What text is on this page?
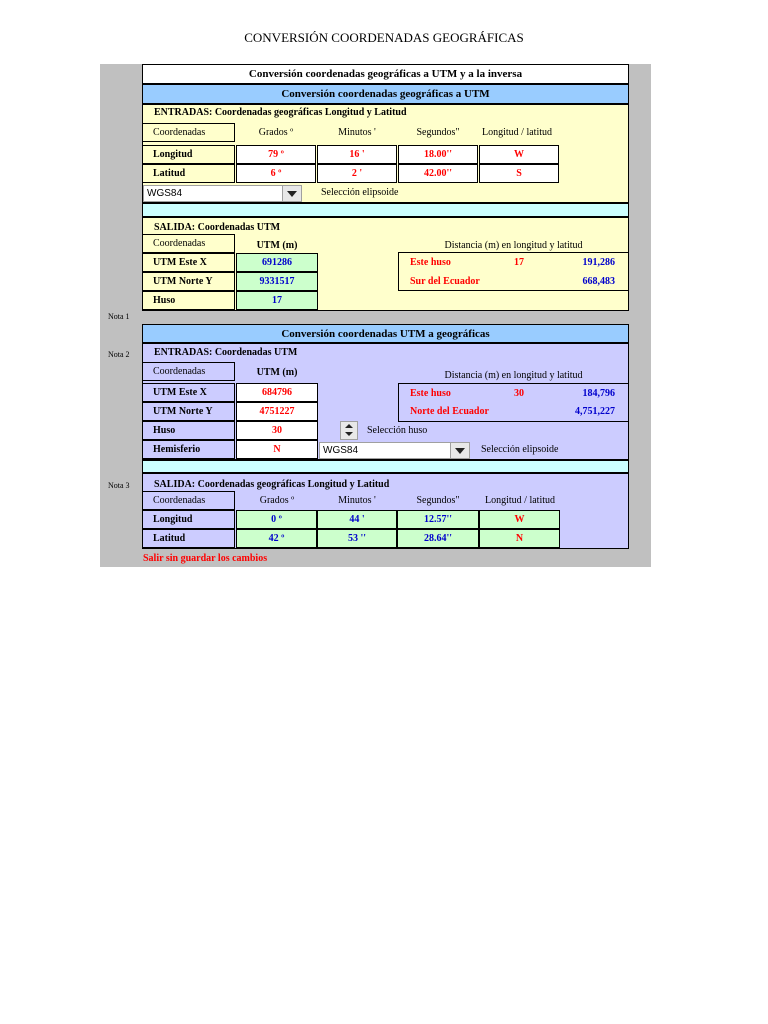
CONVERSIÓN COORDENADAS GEOGRÁFICAS
Conversión coordenadas geográficas a UTM y a la inversa
Conversión coordenadas geográficas a UTM
ENTRADAS: Coordenadas geográficas Longitud y Latitud
Coordenadas	Grados º	Minutos '	Segundos"	Longitud / latitud
Longitud	79 º	16 '	18.00''	W
Latitud	6 º	2 '	42.00''	S
WGS84	Selección elipsoide
SALIDA: Coordenadas UTM
Coordenadas	UTM (m)	Distancia (m) en longitud y latitud
UTM Este X	691286
UTM Norte Y	9331517
Huso	17
Este huso	17	191,286
Sur del Ecuador	668,483
Nota 1
Conversión coordenadas UTM a geográficas
ENTRADAS: Coordenadas UTM
Nota 2
Coordenadas	UTM (m)	Distancia (m) en longitud y latitud
UTM Este X	684796
UTM Norte Y	4751227
Huso	30
Hemisferio	N
Selección huso
WGS84	Selección elipsoide
Este huso	30	184,796
Norte del Ecuador	4,751,227
SALIDA: Coordenadas geográficas Longitud y Latitud
Nota 3
Coordenadas	Grados º	Minutos '	Segundos"	Longitud / latitud
Longitud	0 º	44 '	12.57''	W
Latitud	42 º	53 ''	28.64''	N
Salir sin guardar los cambios
